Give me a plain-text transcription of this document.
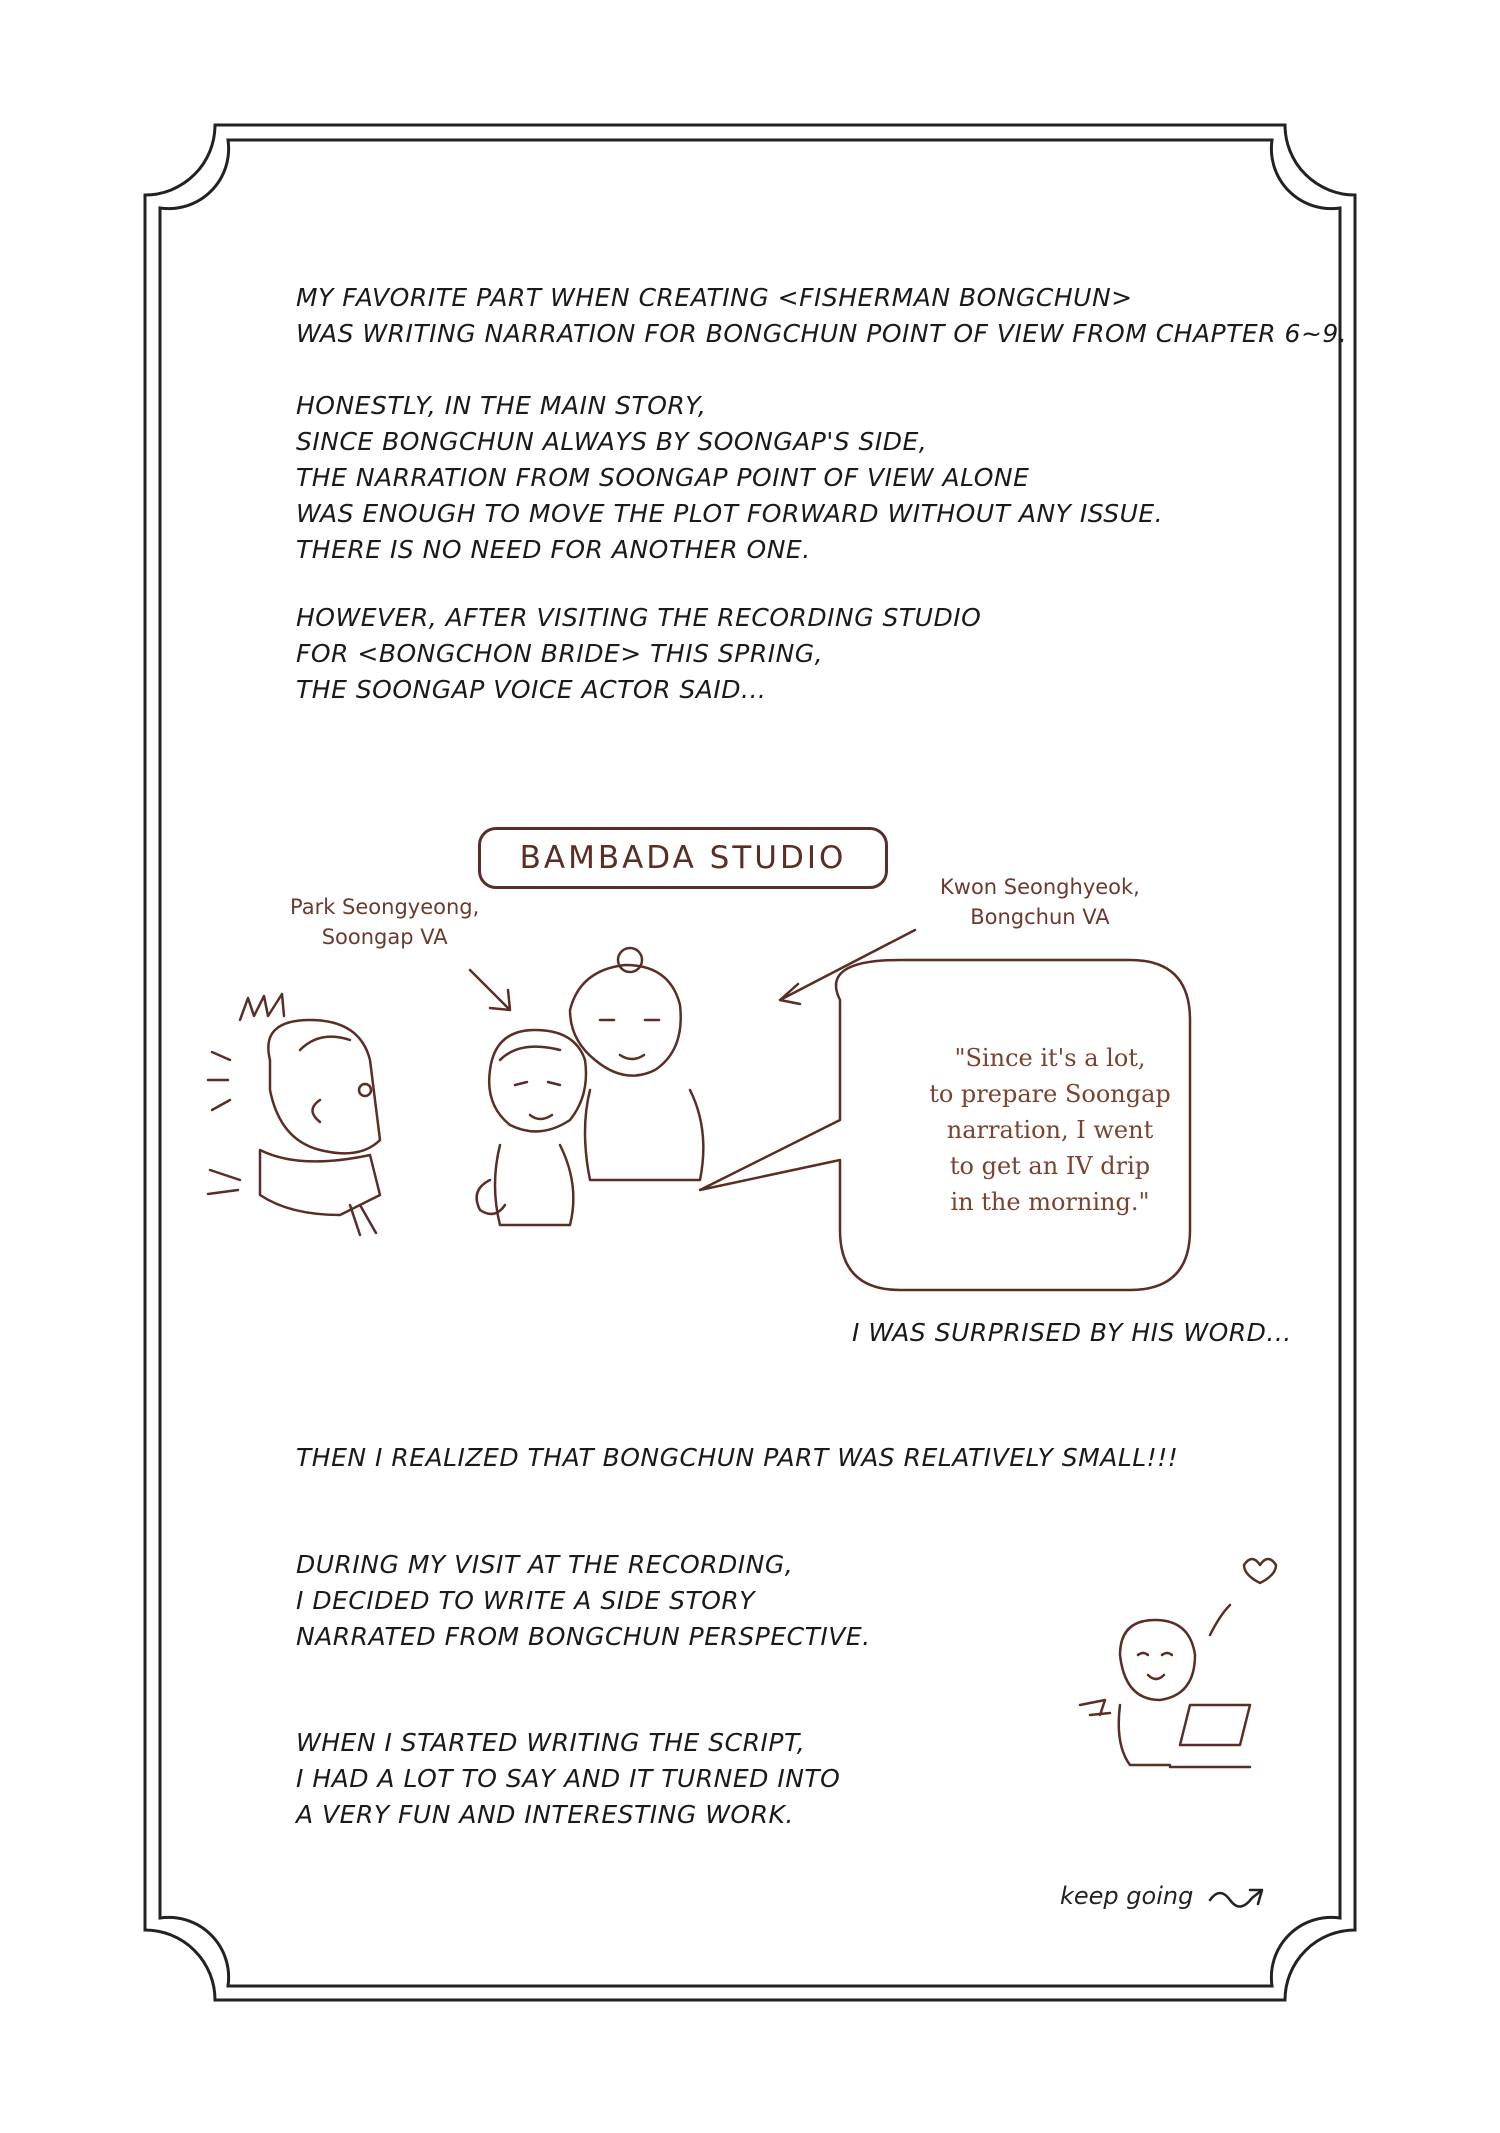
MY FAVORITE PART WHEN CREATING <FISHERMAN BONGCHUN>
WAS WRITING NARRATION FOR BONGCHUN POINT OF VIEW FROM CHAPTER 6~9.
HONESTLY, IN THE MAIN STORY,
SINCE BONGCHUN ALWAYS BY SOONGAP'S SIDE,
THE NARRATION FROM SOONGAP POINT OF VIEW ALONE
WAS ENOUGH TO MOVE THE PLOT FORWARD WITHOUT ANY ISSUE.
THERE IS NO NEED FOR ANOTHER ONE.
HOWEVER, AFTER VISITING THE RECORDING STUDIO
FOR <BONGCHON BRIDE> THIS SPRING,
THE SOONGAP VOICE ACTOR SAID...
BAMBADA STUDIO
Park Seongyeong,
Soongap VA
Kwon Seonghyeok,
Bongchun VA
"Since it's a lot,
to prepare Soongap
narration, I went
to get an IV drip
in the morning."
I WAS SURPRISED BY HIS WORD...
THEN I REALIZED THAT BONGCHUN PART WAS RELATIVELY SMALL!!!
DURING MY VISIT AT THE RECORDING,
I DECIDED TO WRITE A SIDE STORY
NARRATED FROM BONGCHUN PERSPECTIVE.
WHEN I STARTED WRITING THE SCRIPT,
I HAD A LOT TO SAY AND IT TURNED INTO
A VERY FUN AND INTERESTING WORK.
keep going
